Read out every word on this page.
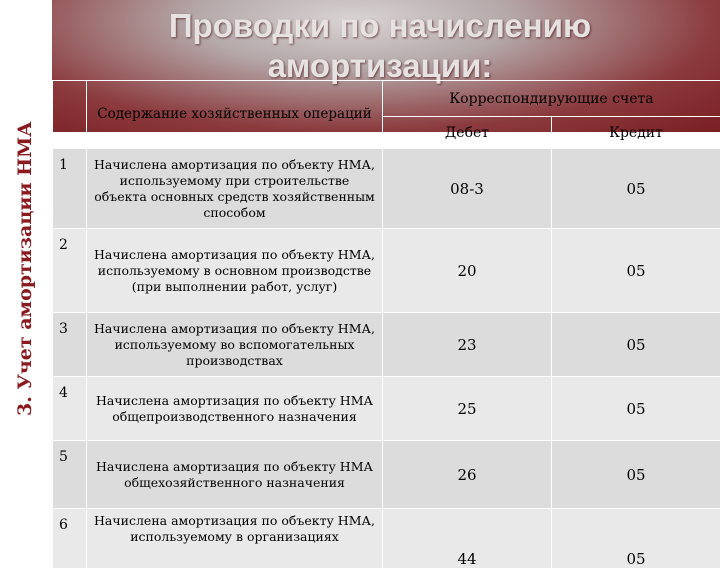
3. Учет амортизации НМА
Проводки по начислению амортизации:
	Содержание хозяйственных операций	Корреспондирующие счета	
		Дебет	Кредит
1	Начислена амортизация по объекту НМА, используемому при строительстве объекта основных средств хозяйственным способом	08-3	05
2	Начислена амортизация по объекту НМА, используемому в основном производстве (при выполнении работ, услуг)	20	05
3	Начислена амортизация по объекту НМА, используемому во вспомогательных производствах	23	05
4	Начислена амортизация по объекту НМА общепроизводственного назначения	25	05
5	Начислена амортизация по объекту НМА общехозяйственного назначения	26	05
6	Начислена амортизация по объекту НМА, используемому в организациях	44	05
